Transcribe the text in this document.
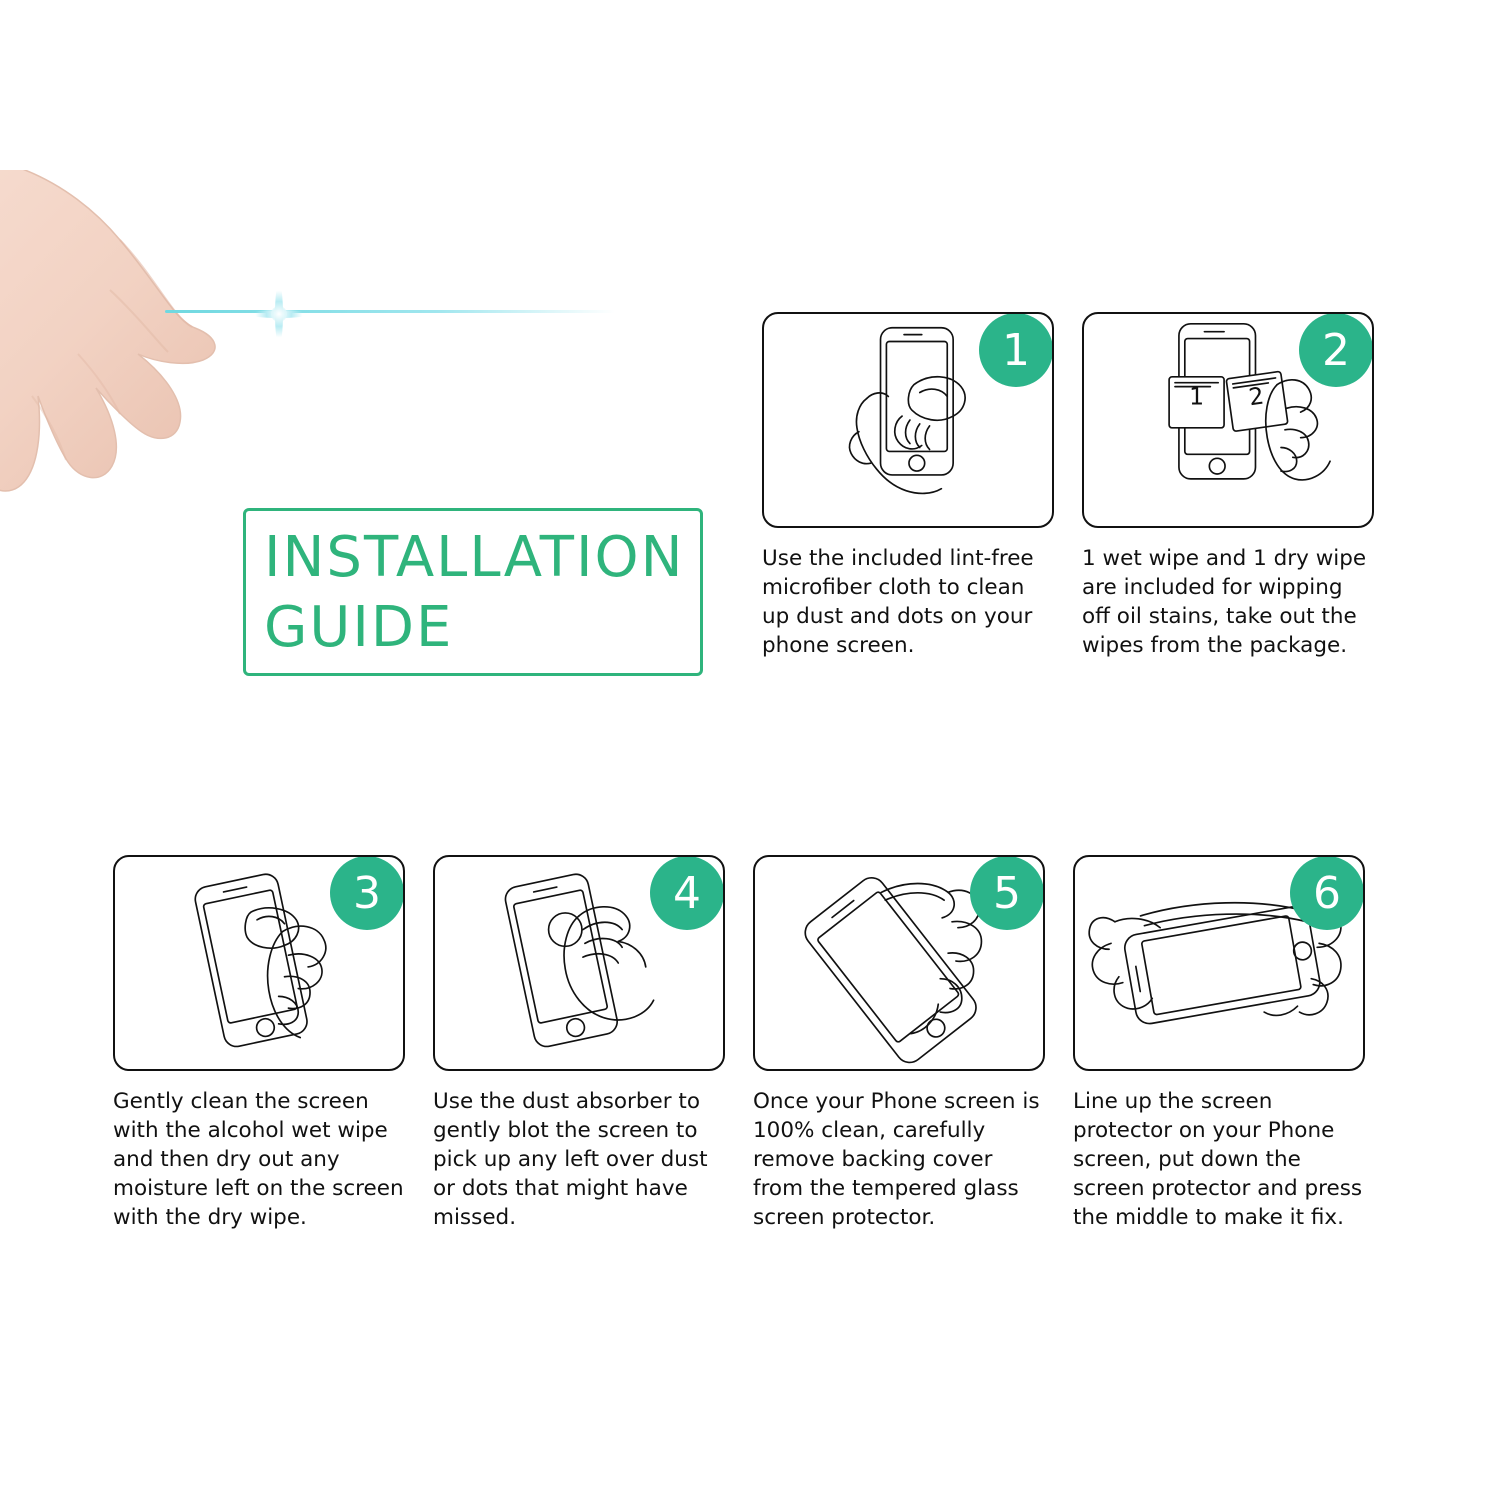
INSTALLATION
GUIDE
1
Use the included lint-free microfiber cloth to clean up dust and dots on your phone screen.
2
1 2
1 wet wipe and 1 dry wipe are included for wipping off oil stains, take out the wipes from the package.
3
Gently clean the screen with the alcohol wet wipe and then dry out any moisture left on the screen with the dry wipe.
4
Use the dust absorber to gently blot the screen to pick up any left over dust or dots that might have missed.
5
Once your Phone screen is 100% clean, carefully remove backing cover from the tempered glass screen protector.
6
Line up the screen protector on your Phone screen, put down the screen protector and press the middle to make it fix.
